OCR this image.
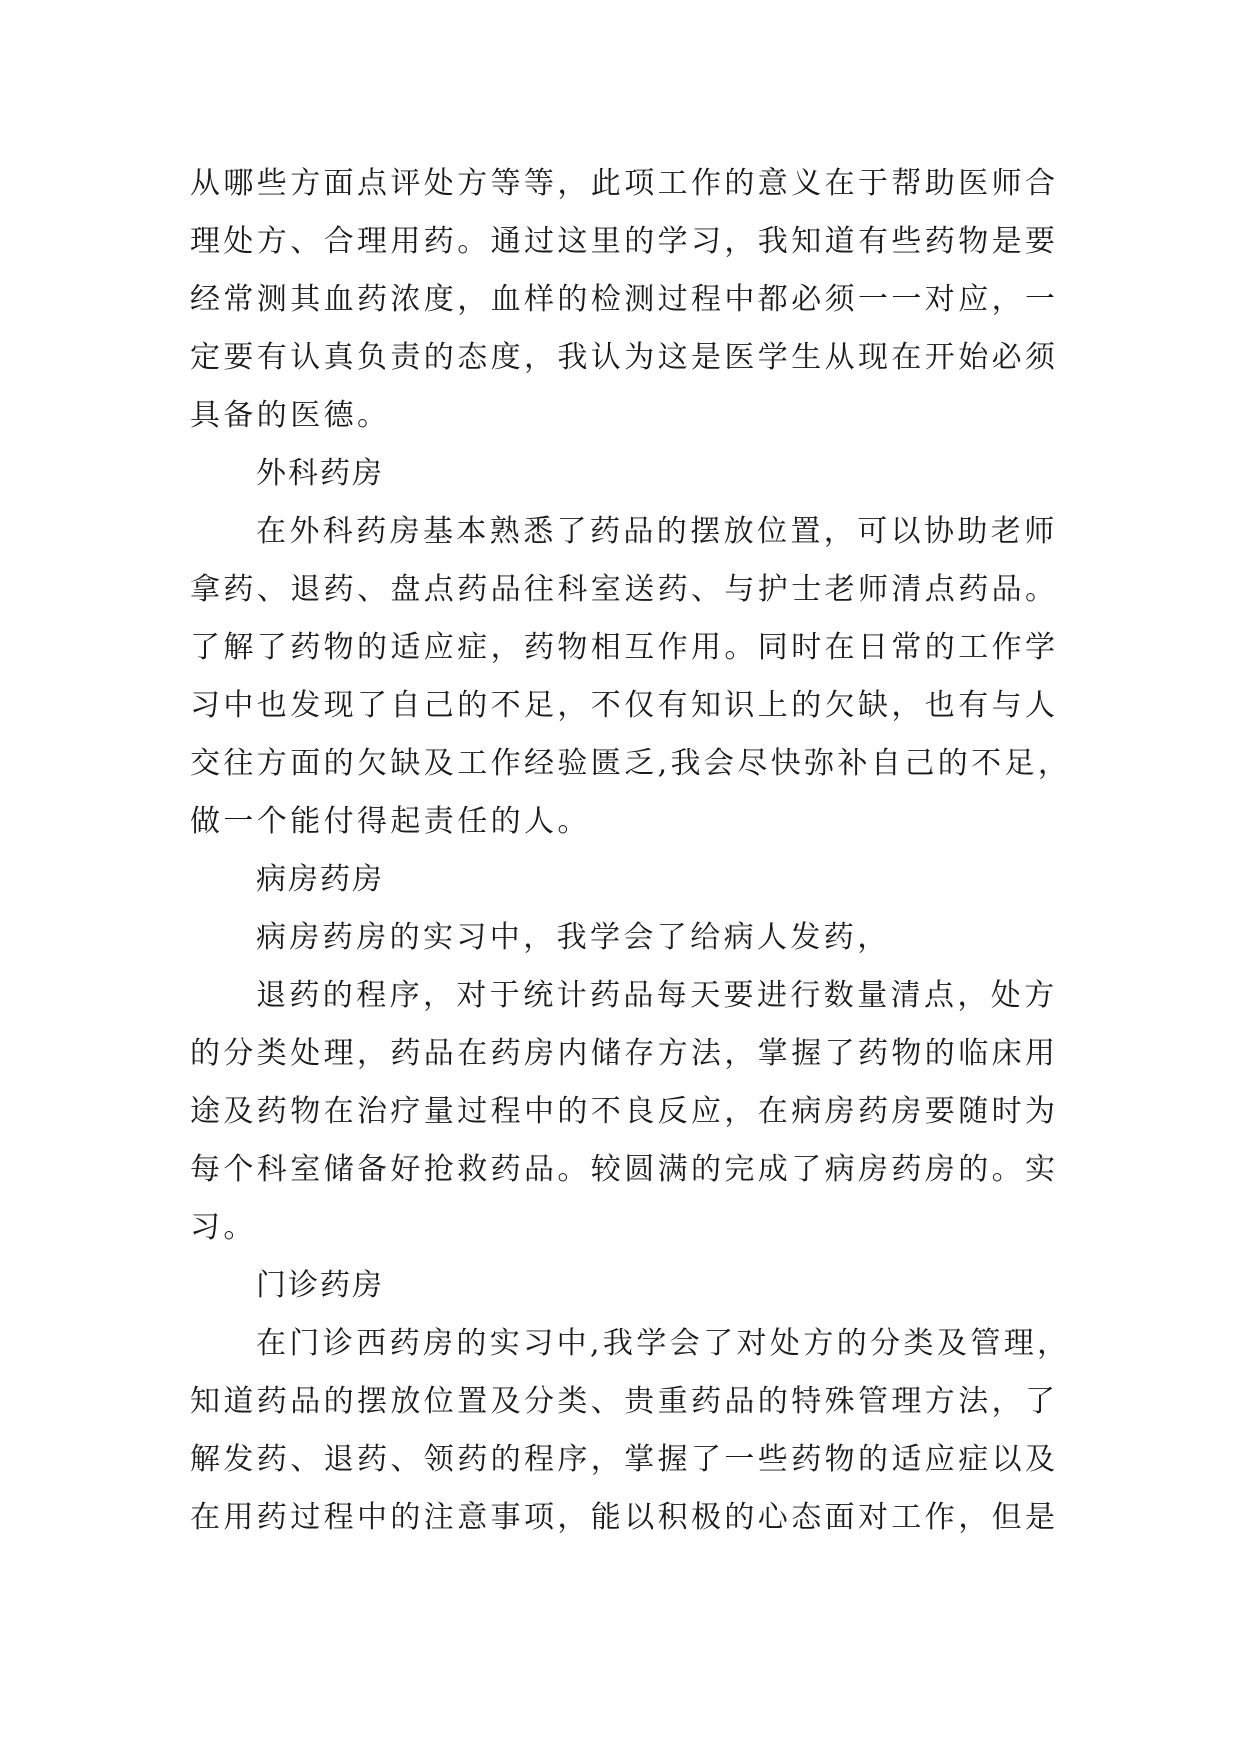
从哪些方面点评处方等等，此项工作的意义在于帮助医师合
理处方、合理用药。通过这里的学习，我知道有些药物是要
经常测其血药浓度，血样的检测过程中都必须一一对应，一
定要有认真负责的态度，我认为这是医学生从现在开始必须
具备的医德。
外科药房
在外科药房基本熟悉了药品的摆放位置，可以协助老师
拿药、退药、盘点药品往科室送药、与护士老师清点药品。
了解了药物的适应症，药物相互作用。同时在日常的工作学
习中也发现了自己的不足，不仅有知识上的欠缺，也有与人
交往方面的欠缺及工作经验匮乏,我会尽快弥补自己的不足，
做一个能付得起责任的人。
病房药房
病房药房的实习中，我学会了给病人发药，
退药的程序，对于统计药品每天要进行数量清点，处方
的分类处理，药品在药房内储存方法，掌握了药物的临床用
途及药物在治疗量过程中的不良反应，在病房药房要随时为
每个科室储备好抢救药品。较圆满的完成了病房药房的。实
习。
门诊药房
在门诊西药房的实习中,我学会了对处方的分类及管理，
知道药品的摆放位置及分类、贵重药品的特殊管理方法，了
解发药、退药、领药的程序，掌握了一些药物的适应症以及
在用药过程中的注意事项，能以积极的心态面对工作，但是
